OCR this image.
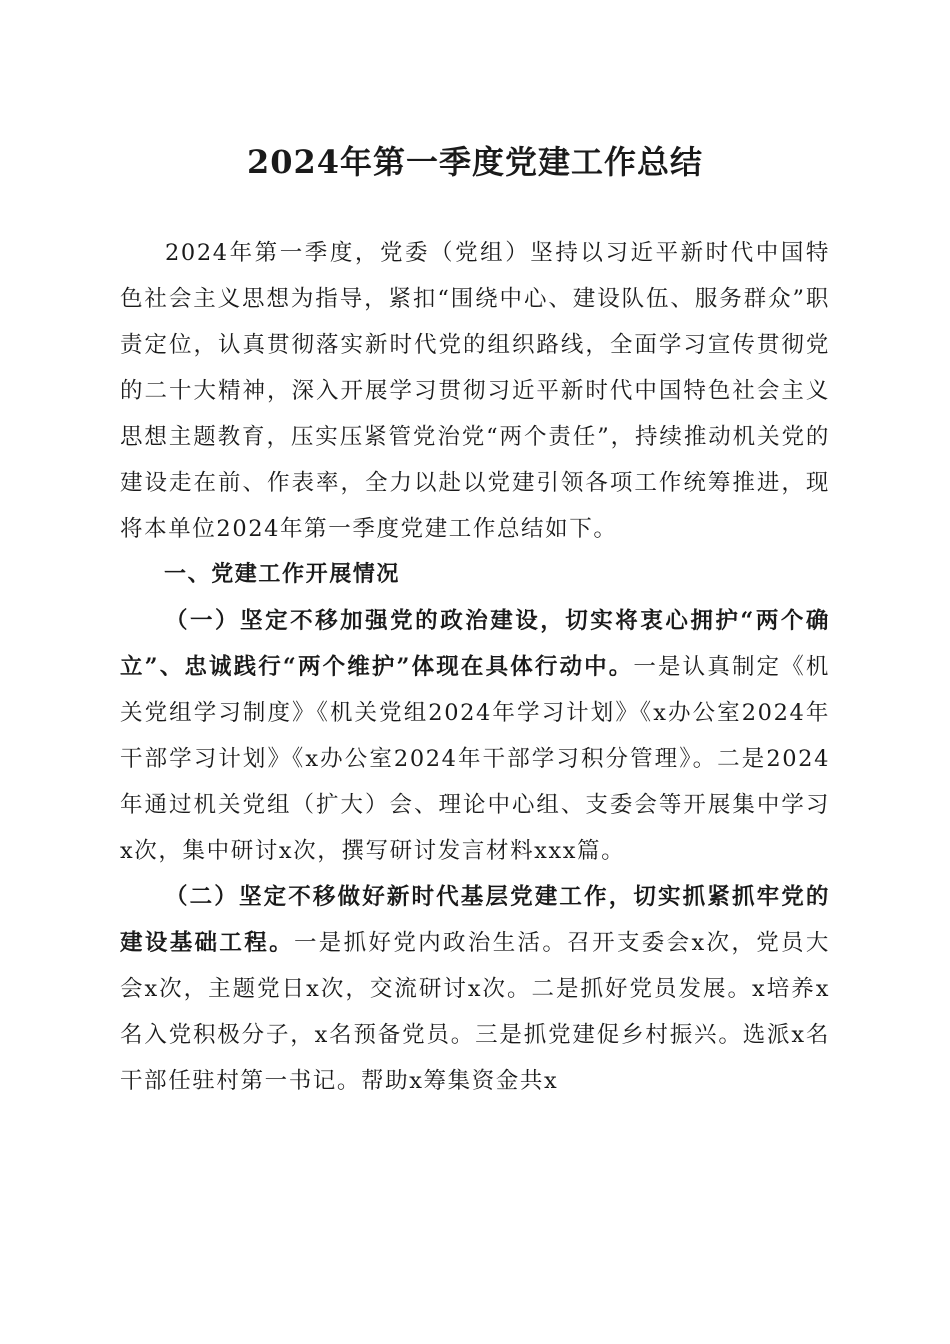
2024年第一季度党建工作总结

2024年第一季度，党委（党组）坚持以习近平新时代中国特色社会主义思想为指导，紧扣“围绕中心、建设队伍、服务群众”职责定位，认真贯彻落实新时代党的组织路线，全面学习宣传贯彻党的二十大精神，深入开展学习贯彻习近平新时代中国特色社会主义思想主题教育，压实压紧管党治党“两个责任”，持续推动机关党的建设走在前、作表率，全力以赴以党建引领各项工作统筹推进，现将本单位2024年第一季度党建工作总结如下。

一、党建工作开展情况

（一）坚定不移加强党的政治建设，切实将衷心拥护“两个确立”、忠诚践行“两个维护”体现在具体行动中。一是认真制定《机关党组学习制度》《机关党组2024年学习计划》《x办公室2024年干部学习计划》《x办公室2024年干部学习积分管理》。二是2024年通过机关党组（扩大）会、理论中心组、支委会等开展集中学习x次，集中研讨x次，撰写研讨发言材料xxx篇。

（二）坚定不移做好新时代基层党建工作，切实抓紧抓牢党的建设基础工程。一是抓好党内政治生活。召开支委会x次，党员大会x次，主题党日x次，交流研讨x次。二是抓好党员发展。x培养x名入党积极分子，x名预备党员。三是抓党建促乡村振兴。选派x名干部任驻村第一书记。帮助x筹集资金共x
